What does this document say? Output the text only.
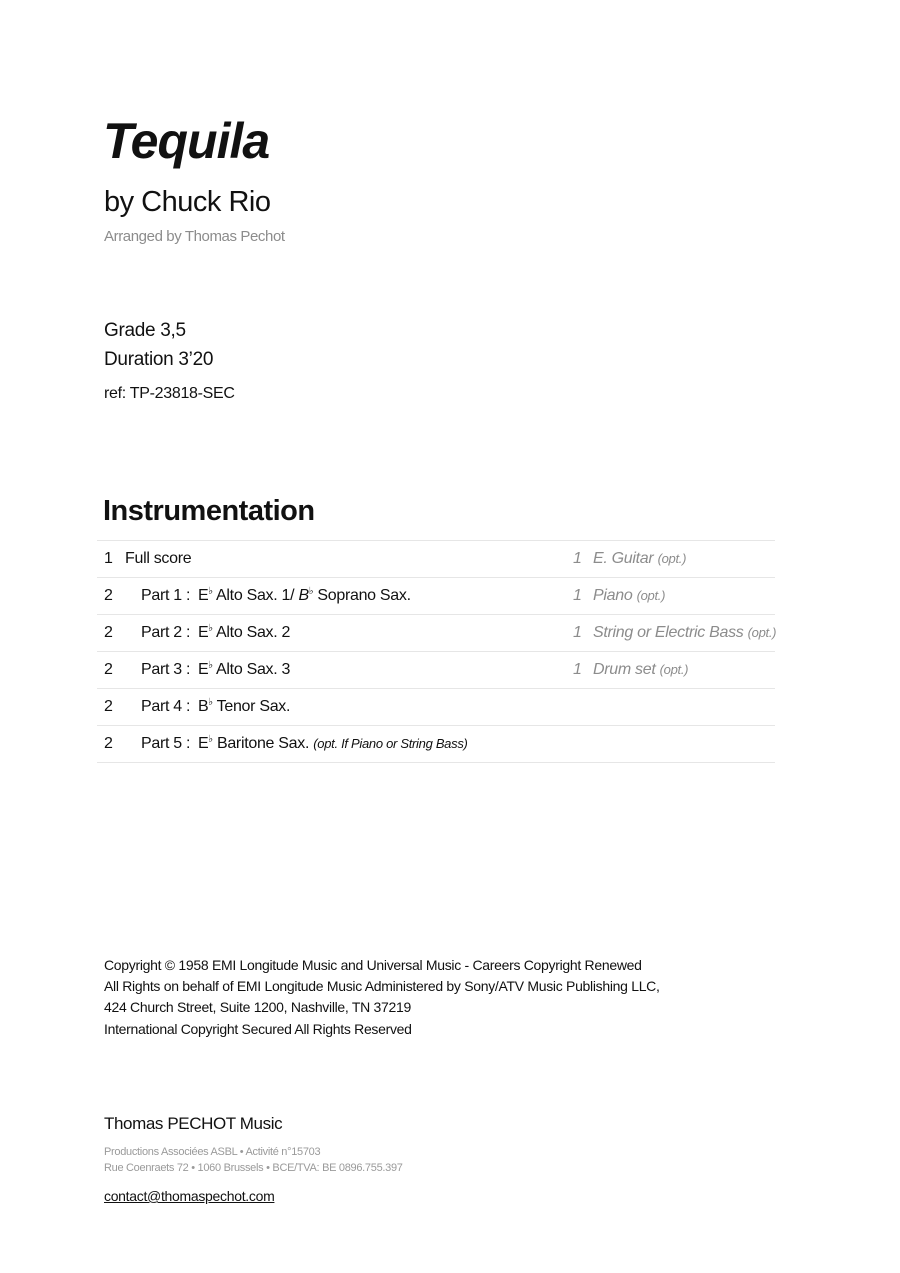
Tequila
by Chuck Rio
Arranged by Thomas Pechot
Grade 3,5
Duration 3’20
ref: TP-23818-SEC
Instrumentation
1 Full score	1 E. Guitar (opt.)
2 Part 1 : E♭ Alto Sax. 1/ B♭ Soprano Sax.	1 Piano (opt.)
2 Part 2 : E♭ Alto Sax. 2	1 String or Electric Bass (opt.)
2 Part 3 : E♭ Alto Sax. 3	1 Drum set (opt.)
2 Part 4 : B♭ Tenor Sax.
2 Part 5 : E♭ Baritone Sax. (opt. If Piano or String Bass)
Copyright © 1958 EMI Longitude Music and Universal Music - Careers Copyright Renewed
All Rights on behalf of EMI Longitude Music Administered by Sony/ATV Music Publishing LLC,
424 Church Street, Suite 1200, Nashville, TN 37219
International Copyright Secured All Rights Reserved
Thomas PECHOT Music
Productions Associées ASBL • Activité n°15703
Rue Coenraets 72 • 1060 Brussels • BCE/TVA: BE 0896.755.397
contact@thomaspechot.com
